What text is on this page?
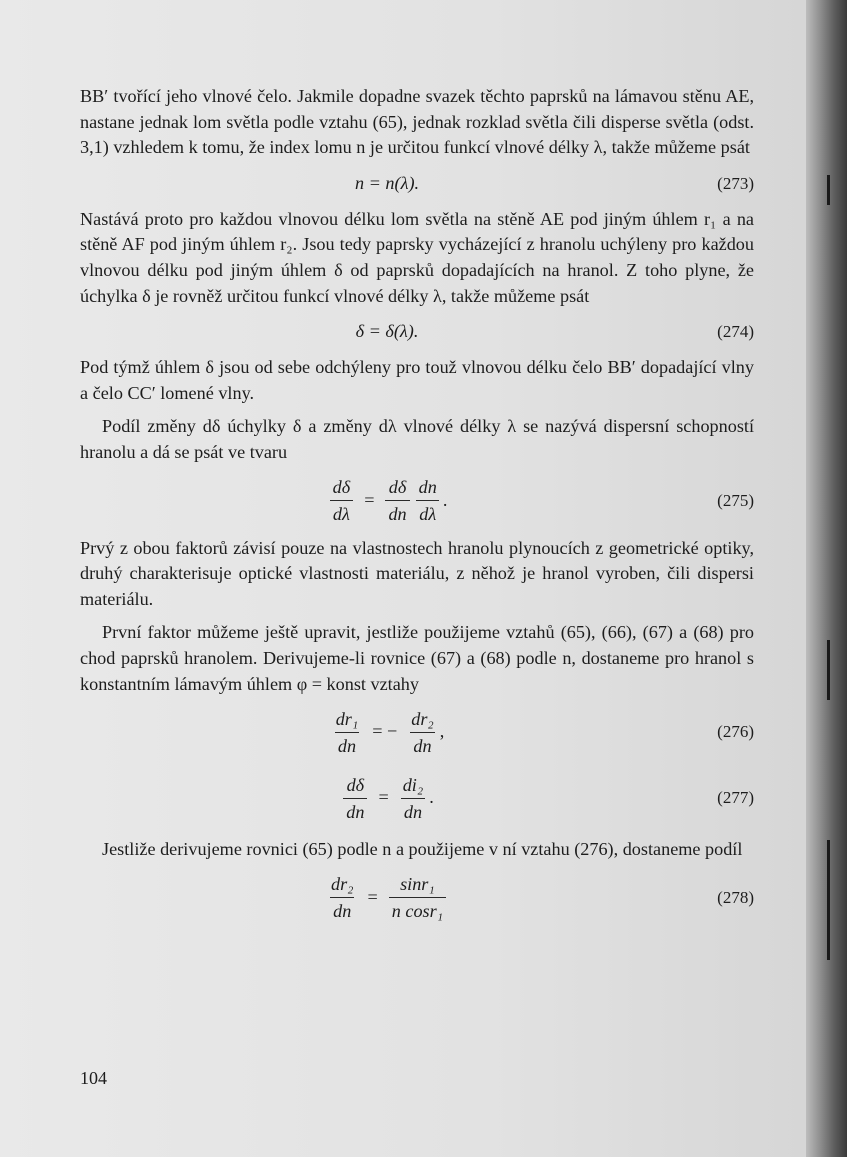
BB′ tvořící jeho vlnové čelo. Jakmile dopadne svazek těchto paprsků na lámavou stěnu AE, nastane jednak lom světla podle vztahu (65), jednak rozklad světla čili disperse světla (odst. 3,1) vzhledem k tomu, že index lomu n je určitou funkcí vlnové délky λ, takže můžeme psát

n = n(λ).	(273)

Nastává proto pro každou vlnovou délku lom světla na stěně AE pod jiným úhlem r₁ a na stěně AF pod jiným úhlem r₂. Jsou tedy paprsky vycházející z hranolu uchýleny pro každou vlnovou délku pod jiným úhlem δ od paprsků dopadajících na hranol. Z toho plyne, že úchylka δ je rovněž určitou funkcí vlnové délky λ, takže můžeme psát

δ = δ(λ).	(274)

Pod týmž úhlem δ jsou od sebe odchýleny pro touž vlnovou délku čelo BB′ dopadající vlny a čelo CC′ lomené vlny.

Podíl změny dδ úchylky δ a změny dλ vlnové délky λ se nazývá dispersní schopností hranolu a dá se psát ve tvaru

$\frac{d\delta}{d\lambda} = \frac{d\delta}{dn} \frac{dn}{d\lambda}$ .	(275)

Prvý z obou faktorů závisí pouze na vlastnostech hranolu plynoucích z geometrické optiky, druhý charakterisuje optické vlastnosti materiálu, z něhož je hranol vyroben, čili dispersi materiálu.

První faktor můžeme ještě upravit, jestliže použijeme vztahů (65), (66), (67) a (68) pro chod paprsků hranolem. Derivujeme-li rovnice (67) a (68) podle n, dostaneme pro hranol s konstantním lámavým úhlem φ = konst vztahy

$\frac{\text{dr₁}}{dn}$ = − $\frac{\text{dr₂}}{dn}$ ,	(276)
$\frac{d\delta}{dn} = \frac{\text{di₂}}{dn}$ .	(277)

Jestliže derivujeme rovnici (65) podle n a použijeme v ní vztahu (276), dostaneme podíl

$\frac{\text{dr₂}}{dn} = \frac{\text{sinr₁}}{\text{n cosr₁}}$	(278)
104
